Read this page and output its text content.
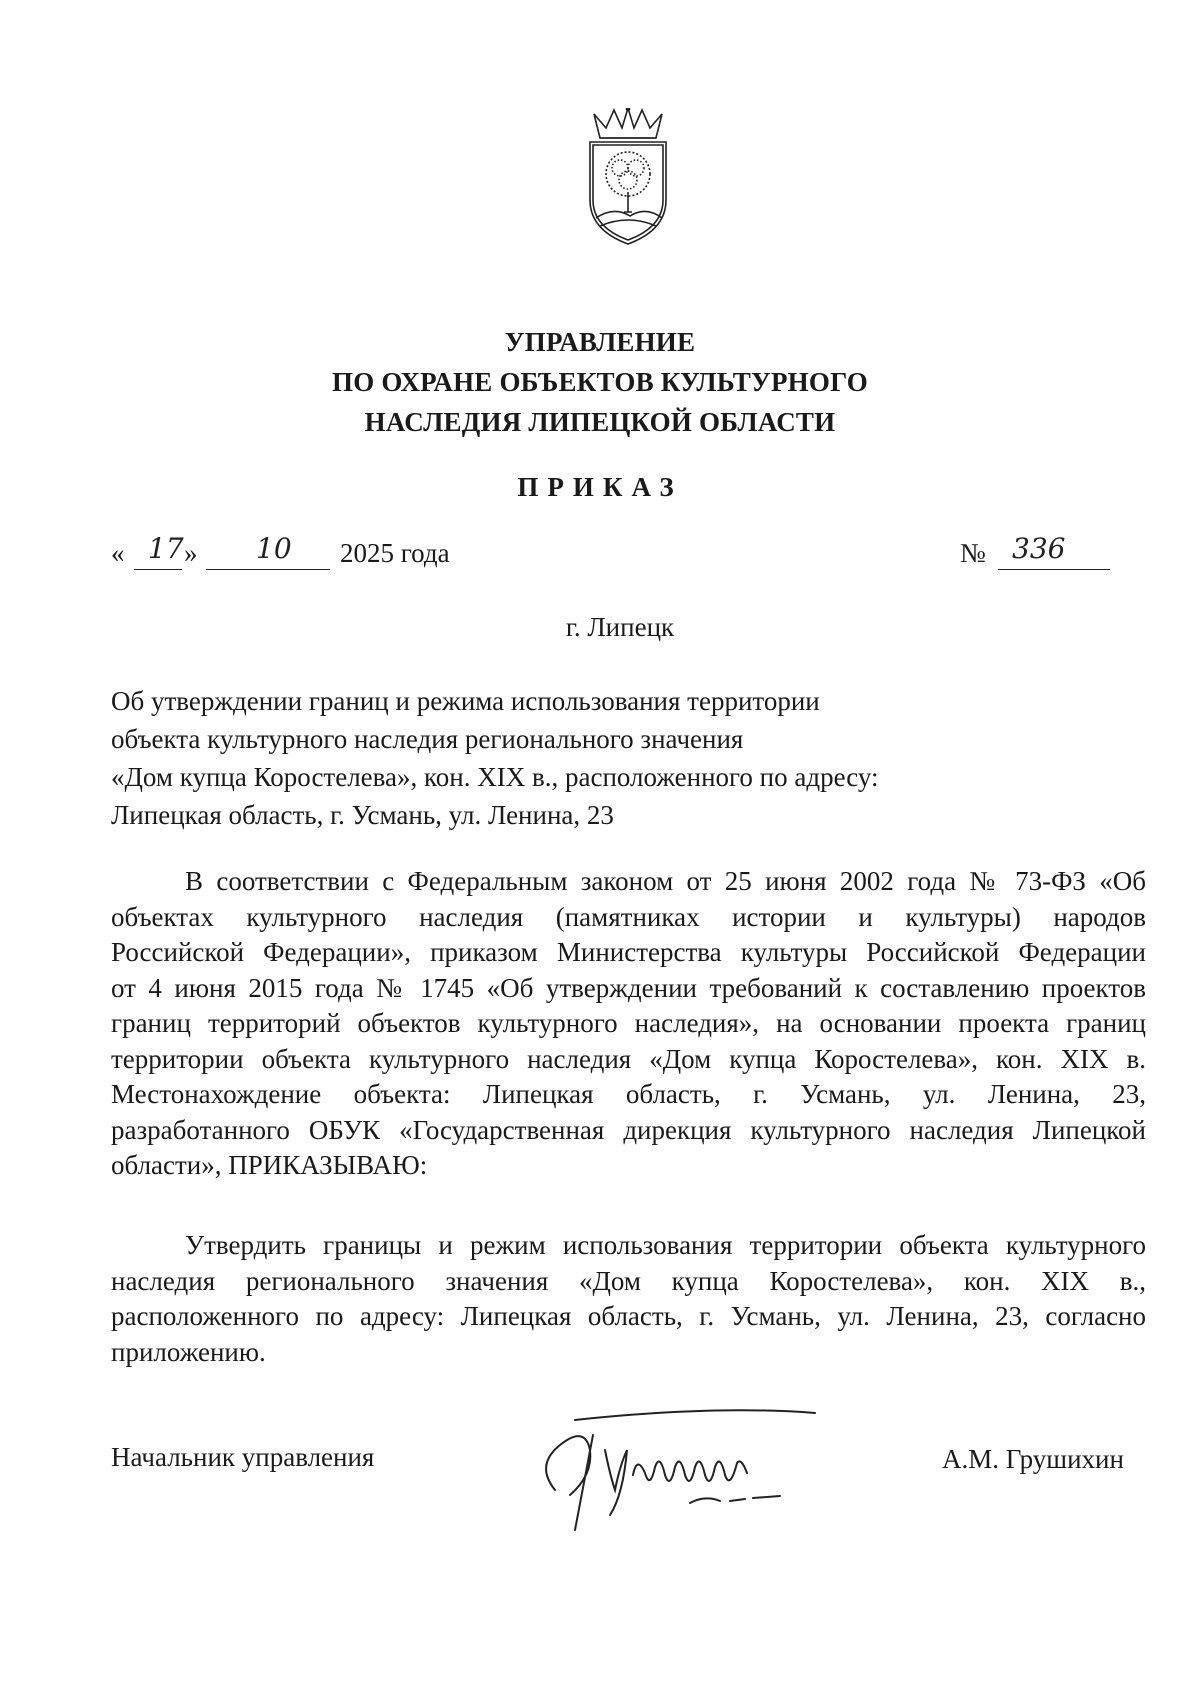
УПРАВЛЕНИЕ
ПО ОХРАНЕ ОБЪЕКТОВ КУЛЬТУРНОГО
НАСЛЕДИЯ ЛИПЕЦКОЙ ОБЛАСТИ
ПРИКАЗ
« 17 » 10 2025 года	№ 336
г. Липецк
Об утверждении границ и режима использования территории
объекта культурного наследия регионального значения
«Дом купца Коростелева», кон. XIX в., расположенного по адресу:
Липецкая область, г. Усмань, ул. Ленина, 23
В соответствии с Федеральным законом от 25 июня 2002 года № 73-ФЗ «Об
объектах культурного наследия (памятниках истории и культуры) народов
Российской Федерации», приказом Министерства культуры Российской Федерации
от 4 июня 2015 года № 1745 «Об утверждении требований к составлению проектов
границ территорий объектов культурного наследия», на основании проекта границ
территории объекта культурного наследия «Дом купца Коростелева», кон. XIX в.
Местонахождение объекта: Липецкая область, г. Усмань, ул. Ленина, 23,
разработанного ОБУК «Государственная дирекция культурного наследия Липецкой
области», ПРИКАЗЫВАЮ:
Утвердить границы и режим использования территории объекта культурного
наследия регионального значения «Дом купца Коростелева», кон. XIX в.,
расположенного по адресу: Липецкая область, г. Усмань, ул. Ленина, 23, согласно
приложению.
Начальник управления	А.М. Грушихин
